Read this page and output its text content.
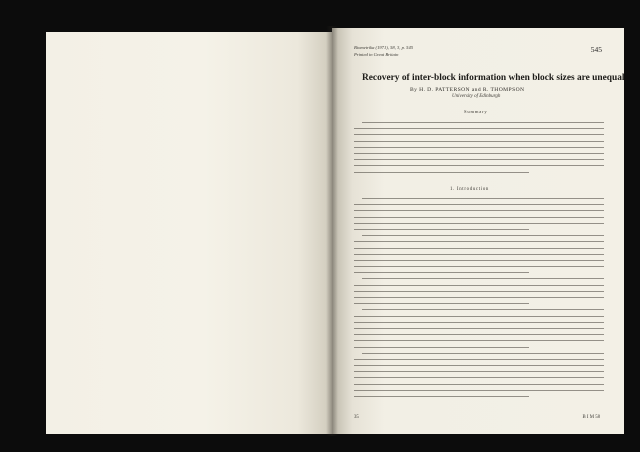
Biometrika (1971), 58, 3, p. 545

Printed in Great Britain

545

Recovery of inter-block information when block sizes are unequal

By H. D. PATTERSON and R. THOMPSON

University of Edinburgh

Summary

1. Introduction

35	B I M 58
